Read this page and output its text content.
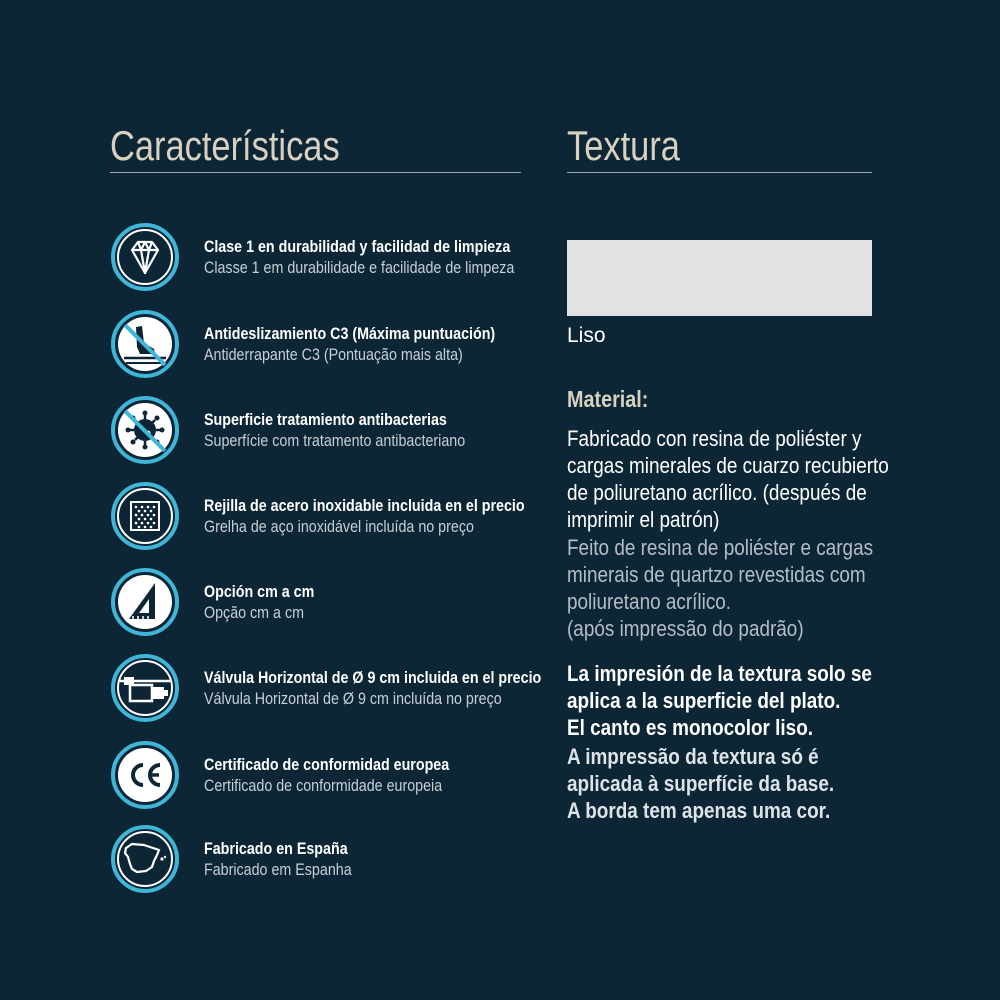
Características	Textura
Clase 1 en durabilidad y facilidad de limpieza
Classe 1 em durabilidade e facilidade de limpeza
Antideslizamiento C3 (Máxima puntuación)
Antiderrapante C3 (Pontuação mais alta)
Superficie tratamiento antibacterias
Superfície com tratamento antibacteriano
Rejilla de acero inoxidable incluida en el precio
Grelha de aço inoxidável incluída no preço
Opción cm a cm
Opção cm a cm
Válvula Horizontal de Ø 9 cm incluida en el precio
Válvula Horizontal de Ø 9 cm incluída no preço
Certificado de conformidad europea
Certificado de conformidade europeia
Fabricado en España
Fabricado em Espanha
Liso
Material:
Fabricado con resina de poliéster y
cargas minerales de cuarzo recubierto
de poliuretano acrílico. (después de
imprimir el patrón)
Feito de resina de poliéster e cargas
minerais de quartzo revestidas com
poliuretano acrílico.
(após impressão do padrão)
La impresión de la textura solo se
aplica a la superficie del plato.
El canto es monocolor liso.
A impressão da textura só é
aplicada à superfície da base.
A borda tem apenas uma cor.
